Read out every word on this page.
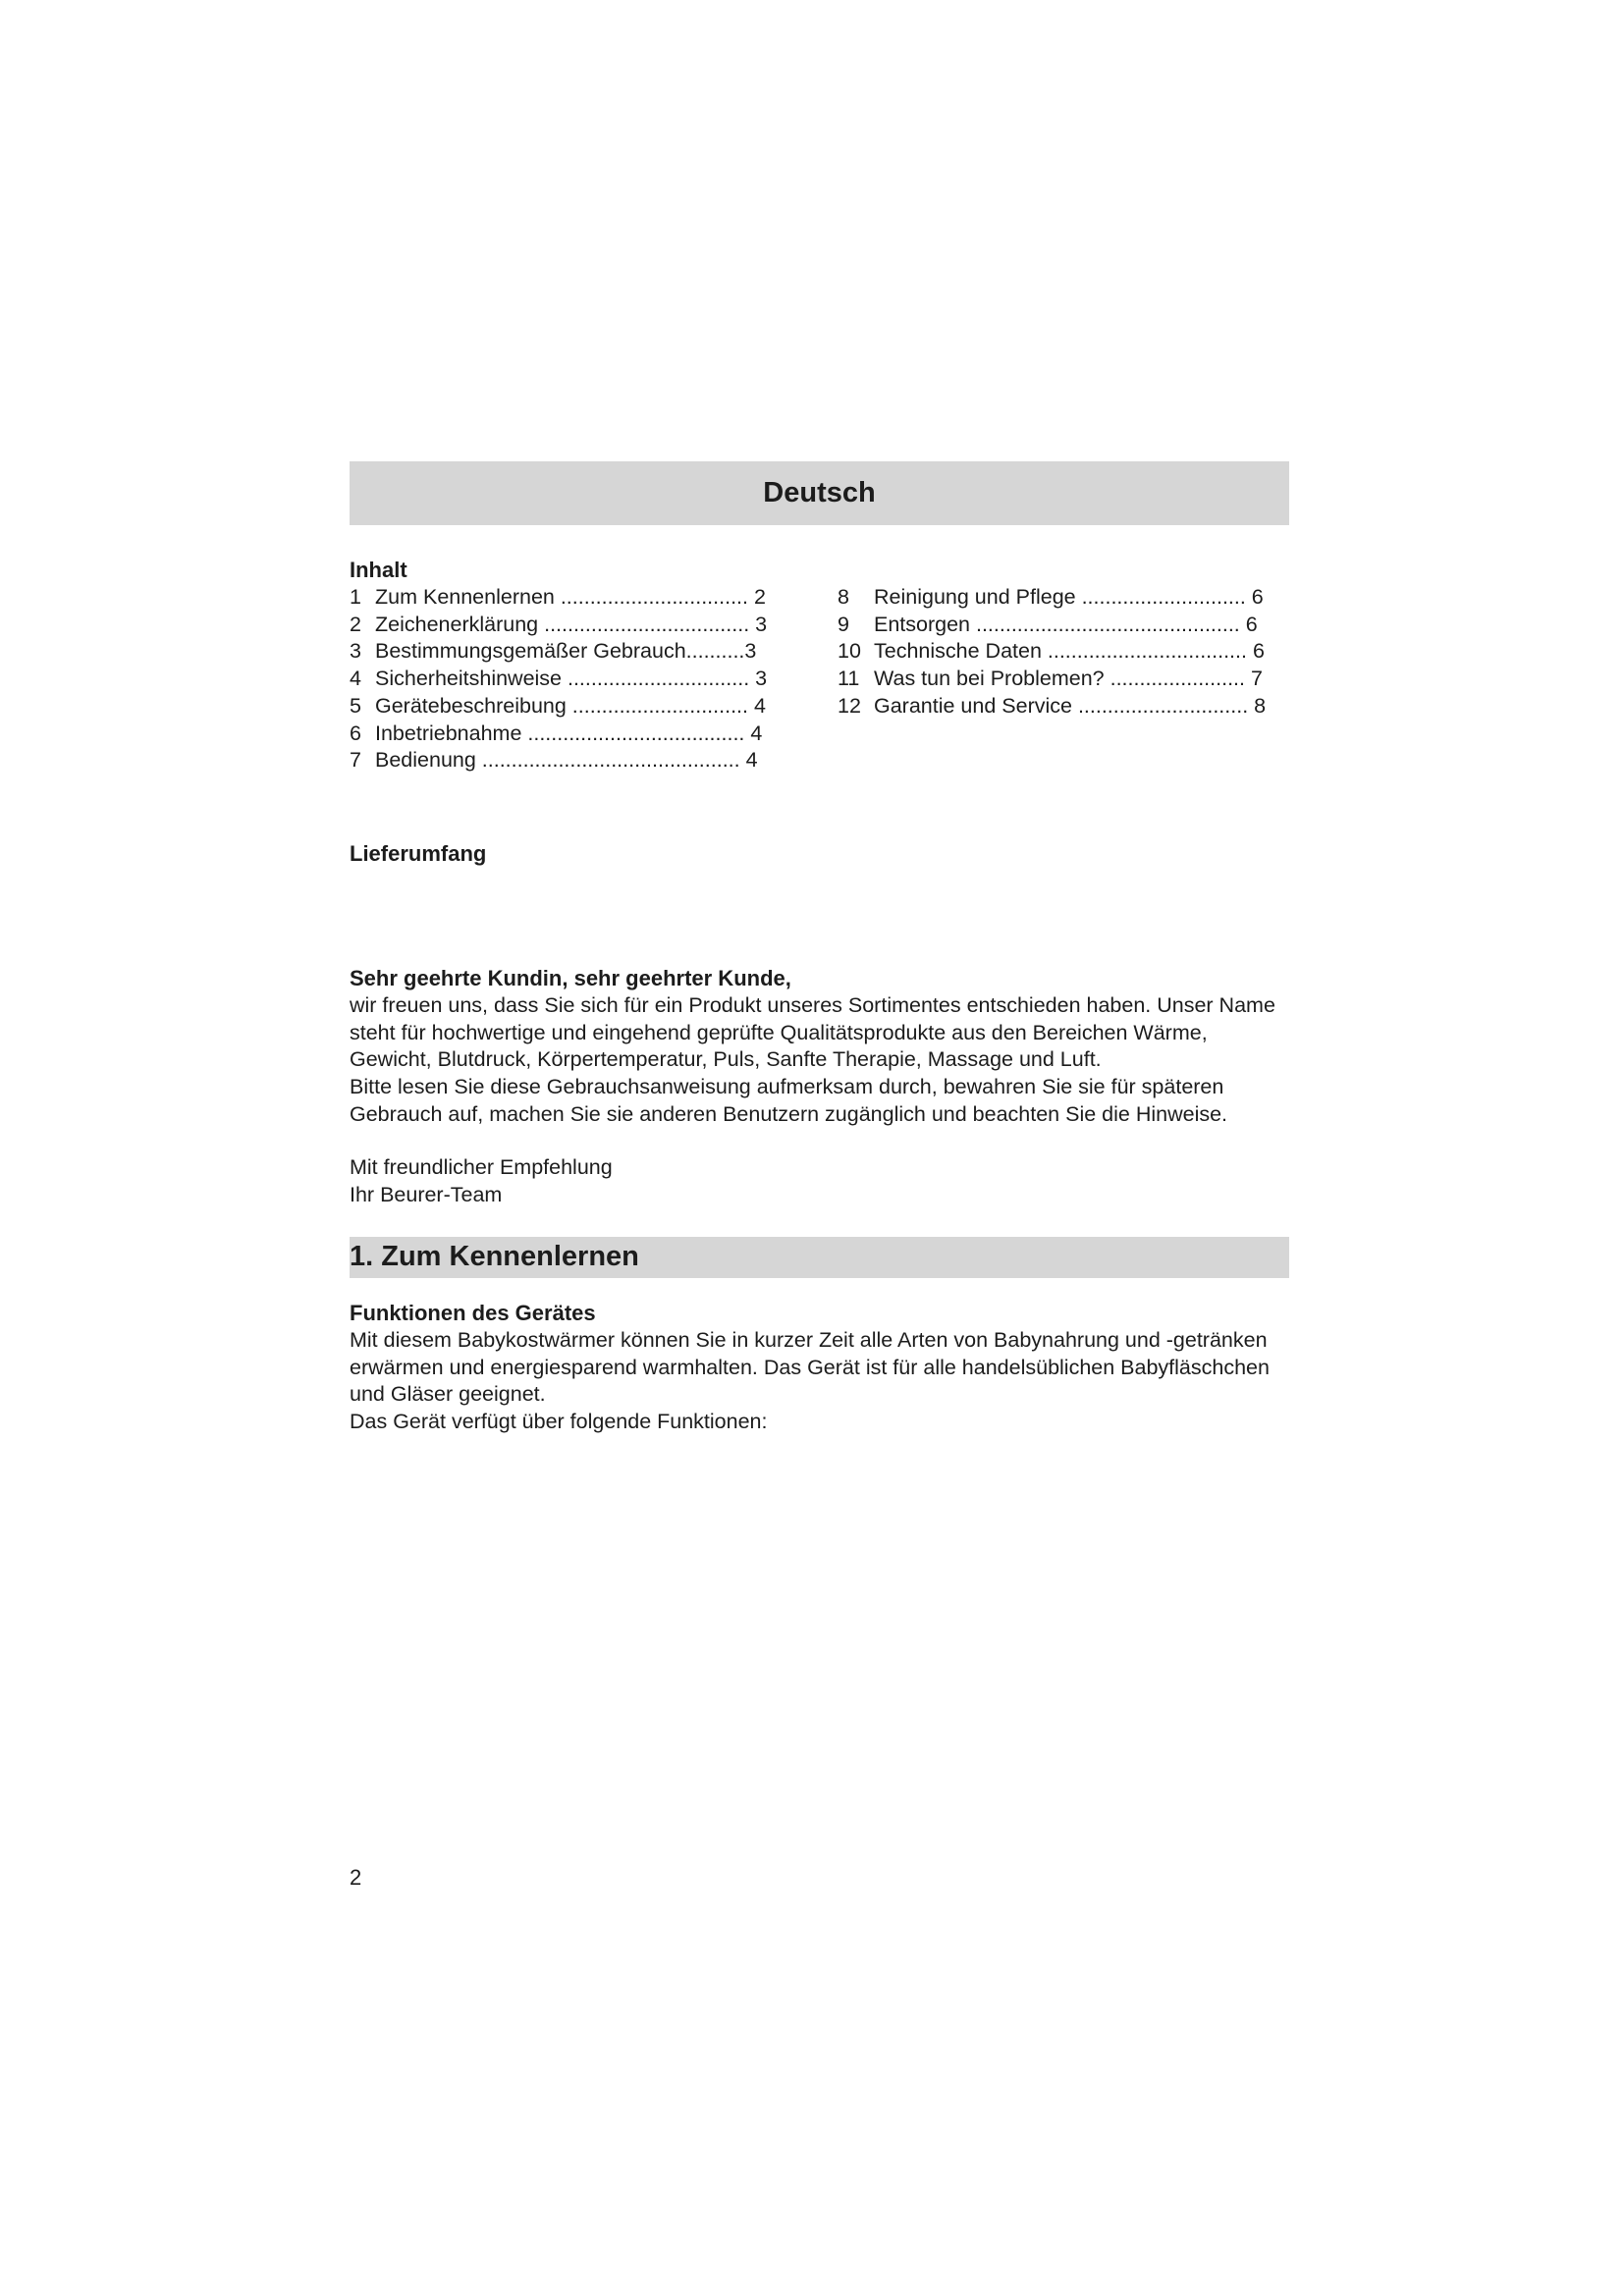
Deutsch
Inhalt
1 Zum Kennenlernen ................................ 2
2 Zeichenerklärung ................................... 3
3 Bestimmungsgemäßer Gebrauch..........3
4 Sicherheitshinweise ............................... 3
5 Gerätebeschreibung .............................. 4
6 Inbetriebnahme ..................................... 4
7 Bedienung ............................................ 4
8 Reinigung und Pflege ............................ 6
9 Entsorgen ............................................. 6
10 Technische Daten .................................. 6
11 Was tun bei Problemen? ....................... 7
12 Garantie und Service ............................. 8
Lieferumfang
Sehr geehrte Kundin, sehr geehrter Kunde,

wir freuen uns, dass Sie sich für ein Produkt unseres Sortimentes entschieden haben. Unser Name steht für hochwertige und eingehend geprüfte Qualitätsprodukte aus den Bereichen Wärme, Gewicht, Blutdruck, Körpertemperatur, Puls, Sanfte Therapie, Massage und Luft.

Bitte lesen Sie diese Gebrauchsanweisung aufmerksam durch, bewahren Sie sie für späteren Gebrauch auf, machen Sie sie anderen Benutzern zugänglich und beachten Sie die Hinweise.

Mit freundlicher Empfehlung

Ihr Beurer-Team

1. Zum Kennenlernen
Funktionen des Gerätes

Mit diesem Babykostwärmer können Sie in kurzer Zeit alle Arten von Babynahrung und -getränken erwärmen und energiesparend warmhalten. Das Gerät ist für alle handelsüblichen Babyfläschchen und Gläser geeignet.

Das Gerät verfügt über folgende Funktionen:

2
